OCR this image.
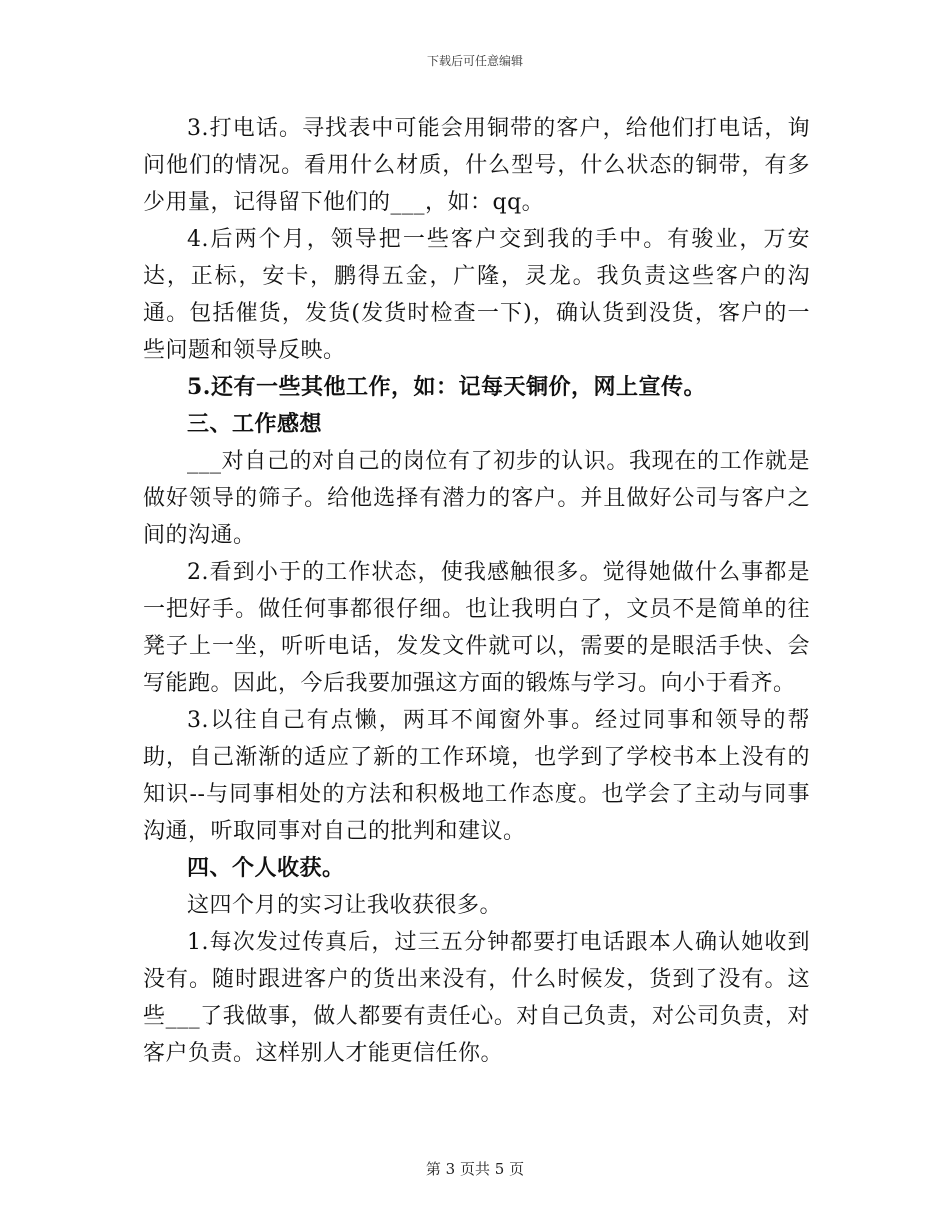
下载后可任意编辑

3.打电话。寻找表中可能会用铜带的客户，给他们打电话，询问他们的情况。看用什么材质，什么型号，什么状态的铜带，有多少用量，记得留下他们的___，如：qq。

4.后两个月，领导把一些客户交到我的手中。有骏业，万安达，正标，安卡，鹏得五金，广隆，灵龙。我负责这些客户的沟通。包括催货，发货(发货时检查一下)，确认货到没货，客户的一些问题和领导反映。

5.还有一些其他工作，如：记每天铜价，网上宣传。

三、工作感想

___对自己的对自己的岗位有了初步的认识。我现在的工作就是做好领导的筛子。给他选择有潜力的客户。并且做好公司与客户之间的沟通。

2.看到小于的工作状态，使我感触很多。觉得她做什么事都是一把好手。做任何事都很仔细。也让我明白了，文员不是简单的往凳子上一坐，听听电话，发发文件就可以，需要的是眼活手快、会写能跑。因此，今后我要加强这方面的锻炼与学习。向小于看齐。

3.以往自己有点懒，两耳不闻窗外事。经过同事和领导的帮助，自己渐渐的适应了新的工作环境，也学到了学校书本上没有的知识--与同事相处的方法和积极地工作态度。也学会了主动与同事沟通，听取同事对自己的批判和建议。

四、个人收获。

这四个月的实习让我收获很多。

1.每次发过传真后，过三五分钟都要打电话跟本人确认她收到没有。随时跟进客户的货出来没有，什么时候发，货到了没有。这些___了我做事，做人都要有责任心。对自己负责，对公司负责，对客户负责。这样别人才能更信任你。

第 3 页共 5 页
